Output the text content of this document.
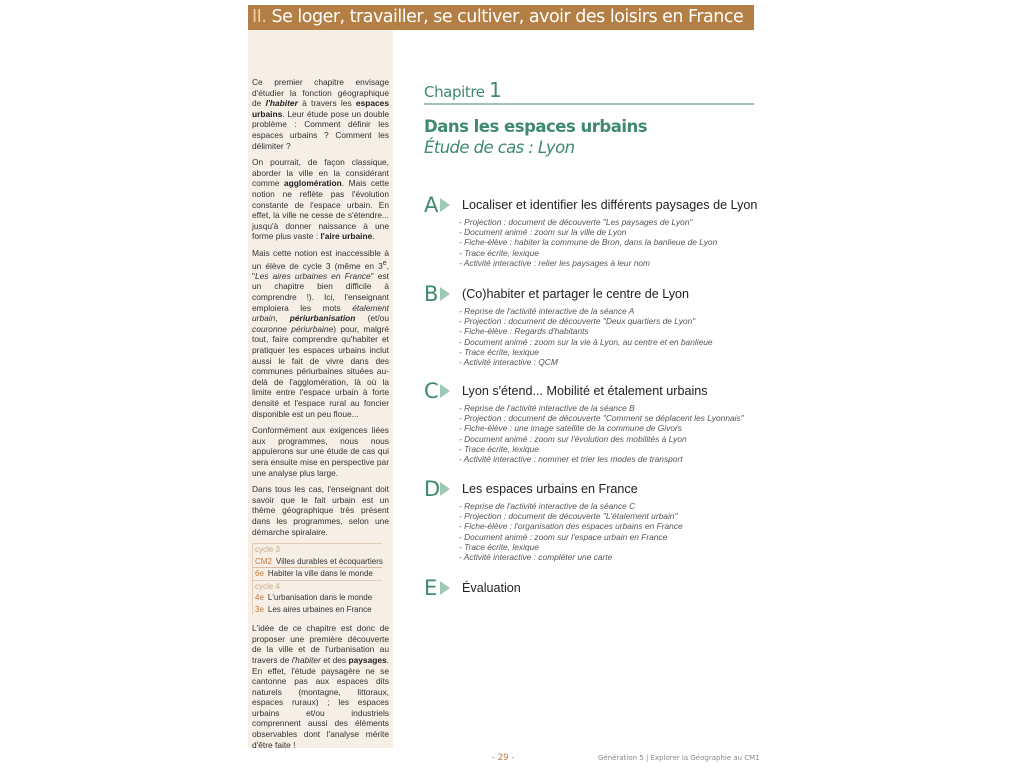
II. Se loger, travailler, se cultiver, avoir des loisirs en France

Ce premier chapitre envisage d'étudier la fonction géographique de l'habiter à travers les espaces urbains. Leur étude pose un double problème : Comment définir les espaces urbains ? Comment les délimiter ?

On pourrait, de façon classique, aborder la ville en la considérant comme agglomération. Mais cette notion ne reflète pas l'évolution constante de l'espace urbain. En effet, la ville ne cesse de s'étendre... jusqu'à donner naissance à une forme plus vaste : l'aire urbaine.

Mais cette notion est inaccessible à un élève de cycle 3 (même en 3e, "Les aires urbaines en France" est un chapitre bien difficile à comprendre !). Ici, l'enseignant emploiera les mots étalement urbain, périurbanisation (et/ou couronne périurbaine) pour, malgré tout, faire comprendre qu'habiter et pratiquer les espaces urbains inclut aussi le fait de vivre dans des communes périurbaines situées au-delà de l'agglomération, là où la limite entre l'espace urbain à forte densité et l'espace rural au foncier disponible est un peu floue...

Conformément aux exigences liées aux programmes, nous nous appuierons sur une étude de cas qui sera ensuite mise en perspective par une analyse plus large.

Dans tous les cas, l'enseignant doit savoir que le fait urbain est un thème géographique très présent dans les programmes, selon une démarche spiralaire.

cycle 3
CM2 Villes durables et écoquartiers
6e Habiter la ville dans le monde
cycle 4
4e L'urbanisation dans le monde
3e Les aires urbaines en France

L'idée de ce chapitre est donc de proposer une première découverte de la ville et de l'urbanisation au travers de l'habiter et des paysages. En effet, l'étude paysagère ne se cantonne pas aux espaces dits naturels (montagne, littoraux, espaces ruraux) ; les espaces urbains et/ou industriels comprennent aussi des éléments observables dont l'analyse mérite d'être faite !

Chapitre 1
Dans les espaces urbains
Étude de cas : Lyon
A Localiser et identifier les différents paysages de Lyon
- Projection : document de découverte "Les paysages de Lyon"
- Document animé : zoom sur la ville de Lyon
- Fiche-élève : habiter la commune de Bron, dans la banlieue de Lyon
- Trace écrite, lexique
- Activité interactive : relier les paysages à leur nom
B (Co)habiter et partager le centre de Lyon
- Reprise de l'activité interactive de la séance A
- Projection : document de découverte "Deux quartiers de Lyon"
- Fiche-élève : Regards d'habitants
- Document animé : zoom sur la vie à Lyon, au centre et en banlieue
- Trace écrite, lexique
- Activité interactive : QCM
C Lyon s'étend... Mobilité et étalement urbains
- Reprise de l'activité interactive de la séance B
- Projection : document de découverte "Comment se déplacent les Lyonnais"
- Fiche-élève : une image satellite de la commune de Givors
- Document animé : zoom sur l'évolution des mobilités à Lyon
- Trace écrite, lexique
- Activité interactive : nommer et trier les modes de transport
D Les espaces urbains en France
- Reprise de l'activité interactive de la séance C
- Projection : document de découverte "L'étalement urbain"
- Fiche-élève : l'organisation des espaces urbains en France
- Document animé : zoom sur l'espace urbain en France
- Trace écrite, lexique
- Activité interactive : compléter une carte
E Évaluation
- 29 -	Génération 5 | Explorer la Géographie au CM1
